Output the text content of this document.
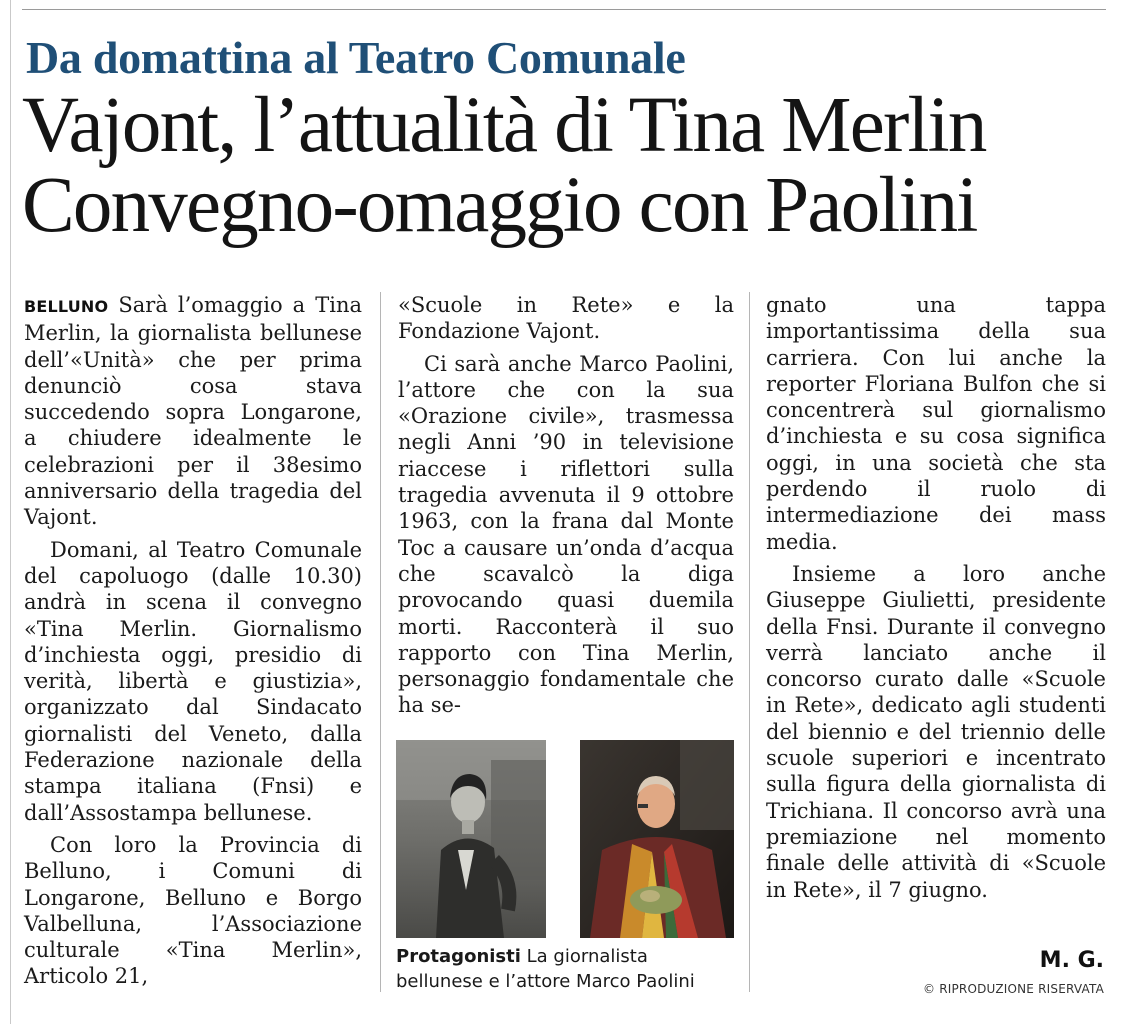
Da domattina al Teatro Comunale
Vajont, l’attualità di Tina Merlin
Convegno-omaggio con Paolini

BELLUNO Sarà l’omaggio a Tina Merlin, la giornalista bellunese dell’«Unità» che per prima denunciò cosa stava succedendo sopra Longarone, a chiudere idealmente le celebrazioni per il 38esimo anniversario della tragedia del Vajont.

Domani, al Teatro Comunale del capoluogo (dalle 10.30) andrà in scena il convegno «Tina Merlin. Giornalismo d’inchiesta oggi, presidio di verità, libertà e giustizia», organizzato dal Sindacato giornalisti del Veneto, dalla Federazione nazionale della stampa italiana (Fnsi) e dall’Assostampa bellunese.

Con loro la Provincia di Belluno, i Comuni di Longarone, Belluno e Borgo Valbelluna, l’Associazione culturale «Tina Merlin», Articolo 21,

«Scuole in Rete» e la Fondazione Vajont.

Ci sarà anche Marco Paolini, l’attore che con la sua «Orazione civile», trasmessa negli Anni ’90 in televisione riaccese i riflettori sulla tragedia avvenuta il 9 ottobre 1963, con la frana dal Monte Toc a causare un’onda d’acqua che scavalcò la diga provocando quasi duemila morti. Racconterà il suo rapporto con Tina Merlin, personaggio fondamentale che ha se-

gnato una tappa importantissima della sua carriera. Con lui anche la reporter Floriana Bulfon che si concentrerà sul giornalismo d’inchiesta e su cosa significa oggi, in una società che sta perdendo il ruolo di intermediazione dei mass media.

Insieme a loro anche Giuseppe Giulietti, presidente della Fnsi. Durante il convegno verrà lanciato anche il concorso curato dalle «Scuole in Rete», dedicato agli studenti del biennio e del triennio delle scuole superiori e incentrato sulla figura della giornalista di Trichiana. Il concorso avrà una premiazione nel momento finale delle attività di «Scuole in Rete», il 7 giugno.

Protagonisti La giornalista bellunese e l’attore Marco Paolini
M. G.
© RIPRODUZIONE RISERVATA
